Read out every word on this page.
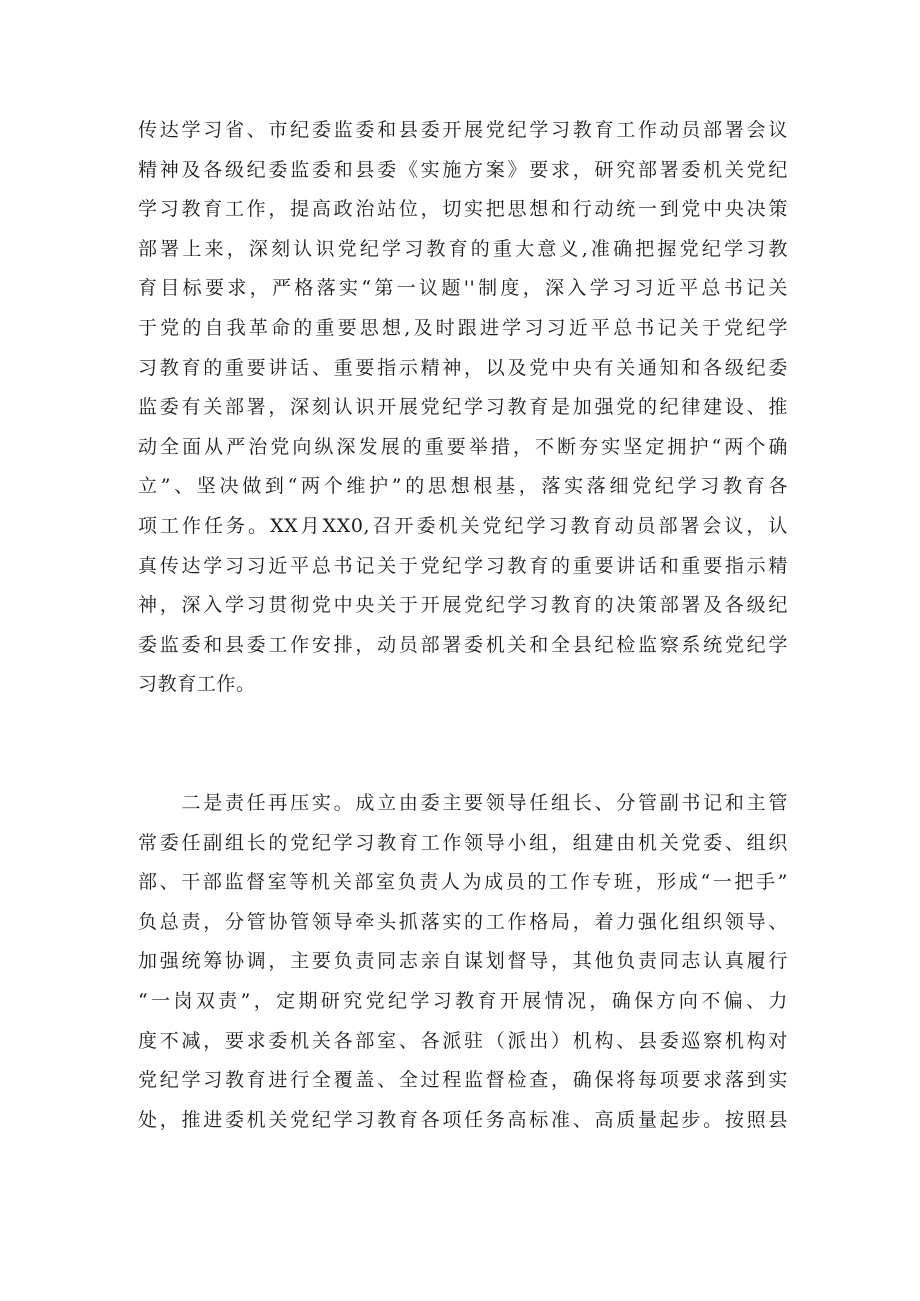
传达学习省、市纪委监委和县委开展党纪学习教育工作动员部署会议
精神及各级纪委监委和县委《实施方案》要求，研究部署委机关党纪
学习教育工作，提高政治站位，切实把思想和行动统一到党中央决策
部署上来，深刻认识党纪学习教育的重大意义,准确把握党纪学习教
育目标要求，严格落实“第一议题''制度，深入学习习近平总书记关
于党的自我革命的重要思想,及时跟进学习习近平总书记关于党纪学
习教育的重要讲话、重要指示精神，以及党中央有关通知和各级纪委
监委有关部署，深刻认识开展党纪学习教育是加强党的纪律建设、推
动全面从严治党向纵深发展的重要举措，不断夯实坚定拥护“两个确
立”、坚决做到“两个维护”的思想根基，落实落细党纪学习教育各
项工作任务。XX月XX0,召开委机关党纪学习教育动员部署会议，认
真传达学习习近平总书记关于党纪学习教育的重要讲话和重要指示精
神，深入学习贯彻党中央关于开展党纪学习教育的决策部署及各级纪
委监委和县委工作安排，动员部署委机关和全县纪检监察系统党纪学
习教育工作。
　　二是责任再压实。成立由委主要领导任组长、分管副书记和主管
常委任副组长的党纪学习教育工作领导小组，组建由机关党委、组织
部、干部监督室等机关部室负责人为成员的工作专班，形成“一把手”
负总责，分管协管领导牵头抓落实的工作格局，着力强化组织领导、
加强统筹协调，主要负责同志亲自谋划督导，其他负责同志认真履行
“一岗双责”，定期研究党纪学习教育开展情况，确保方向不偏、力
度不减，要求委机关各部室、各派驻（派出）机构、县委巡察机构对
党纪学习教育进行全覆盖、全过程监督检查，确保将每项要求落到实
处，推进委机关党纪学习教育各项任务高标准、高质量起步。按照县
